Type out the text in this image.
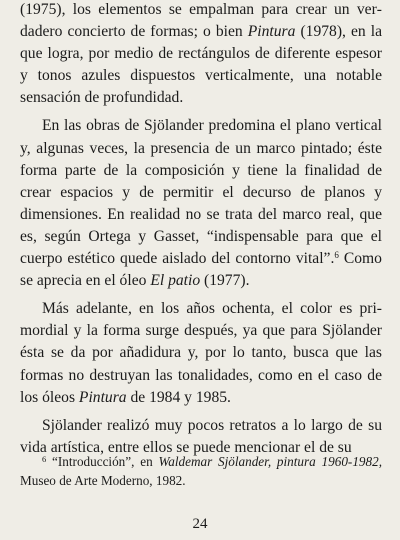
(1975), los elementos se empalman para crear un verdadero concierto de formas; o bien Pintura (1978), en la que logra, por medio de rectángulos de diferente espesor y tonos azules dispuestos verticalmente, una notable sensación de profundidad.

En las obras de Sjölander predomina el plano vertical y, algunas veces, la presencia de un marco pintado; éste forma parte de la composición y tiene la finalidad de crear espacios y de permitir el decurso de planos y dimensiones. En realidad no se trata del marco real, que es, según Ortega y Gasset, “indispensable para que el cuerpo estético quede aislado del contorno vital”.$^6$ Como se aprecia en el óleo El patio (1977).

Más adelante, en los años ochenta, el color es primordial y la forma surge después, ya que para Sjölander ésta se da por añadidura y, por lo tanto, busca que las formas no destruyan las tonalidades, como en el caso de los óleos Pintura de 1984 y 1985.

Sjölander realizó muy pocos retratos a lo largo de su vida artística, entre ellos se puede mencionar el de su

$^6$ “Introducción”, en Waldemar Sjölander, pintura 1960-1982, Museo de Arte Moderno, 1982.
24
